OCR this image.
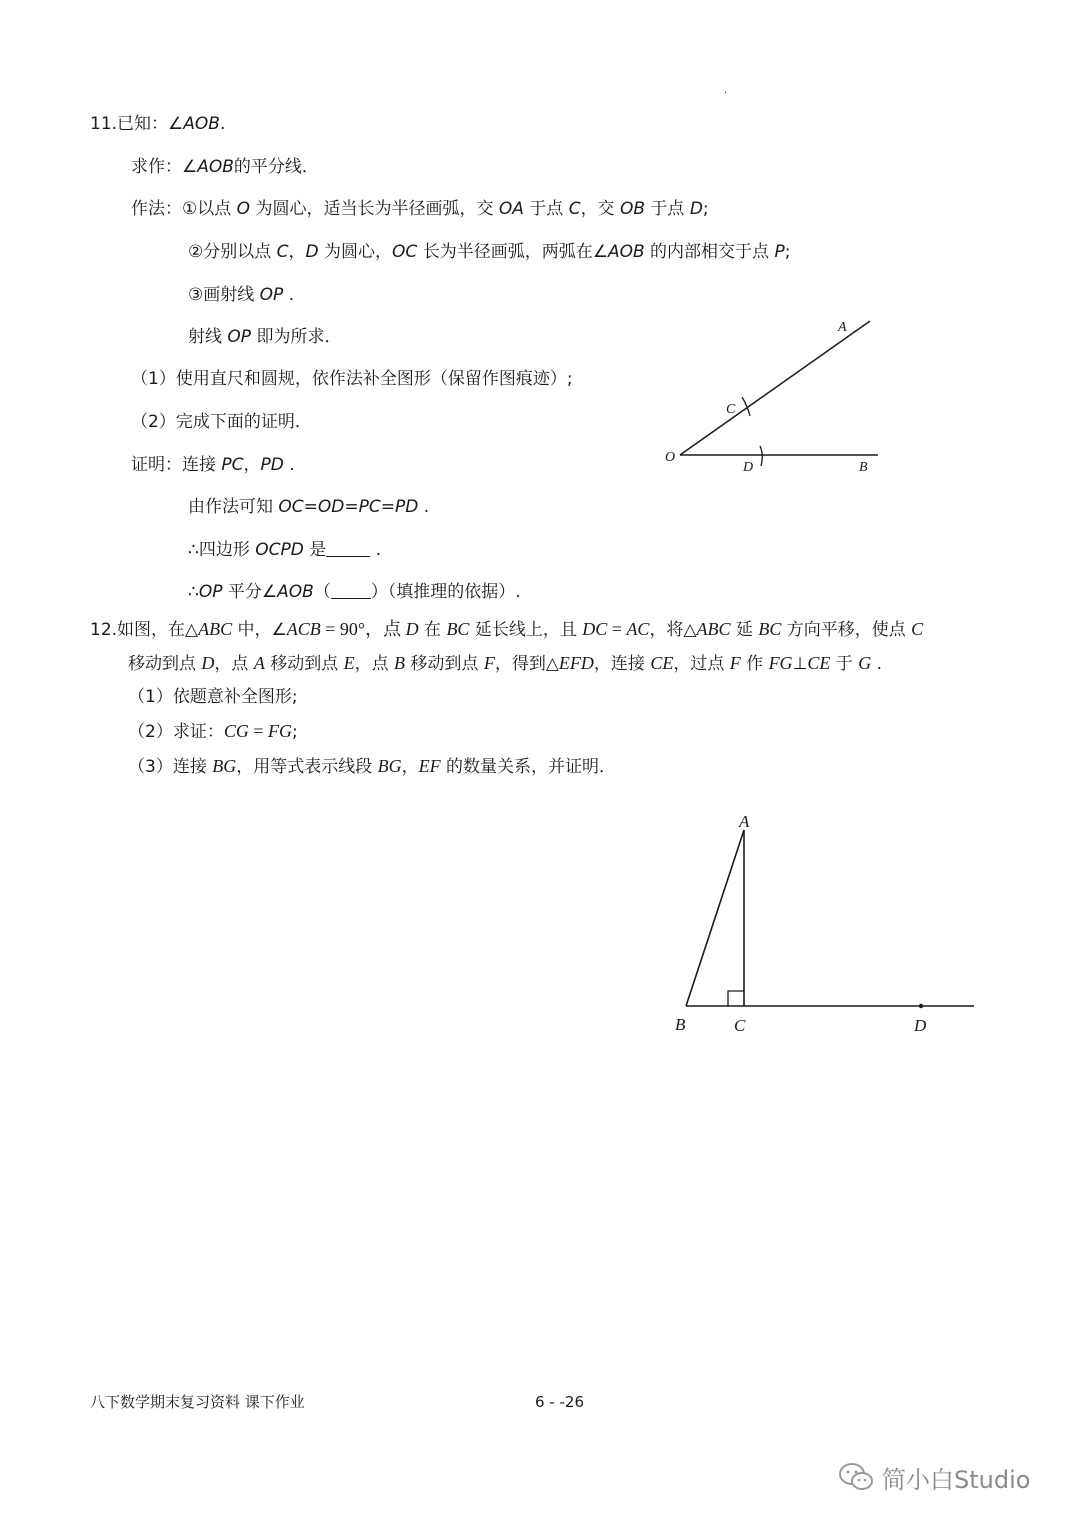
.
11.已知：∠AOB.
求作：∠AOB的平分线．
作法：①以点 O 为圆心，适当长为半径画弧，交 OA 于点 C，交 OB 于点 D;
②分别以点 C，D 为圆心，OC 长为半径画弧，两弧在∠AOB 的内部相交于点 P;
③画射线 OP .
射线 OP 即为所求．
（1）使用直尺和圆规，依作法补全图形（保留作图痕迹）;
（2）完成下面的证明．
证明：连接 PC，PD .
由作法可知 OC=OD=PC=PD .
∴四边形 OCPD 是	.
∴OP 平分∠AOB（ ）（填推理的依据）.
A
C
O
D	B
12.如图，在△ABC 中，∠ACB = 90°，点 D 在 BC 延长线上，且 DC = AC，将△ABC 延 BC 方向平移，使点 C
移动到点 D，点 A 移动到点 E，点 B 移动到点 F，得到△EFD，连接 CE，过点 F 作 FG⊥CE 于 G .
（1）依题意补全图形;
（2）求证：CG = FG;
（3）连接 BG，用等式表示线段 BG，EF 的数量关系，并证明．
A
B	C	D
八下数学期末复习资料 课下作业	6 - -26
简小白Studio
